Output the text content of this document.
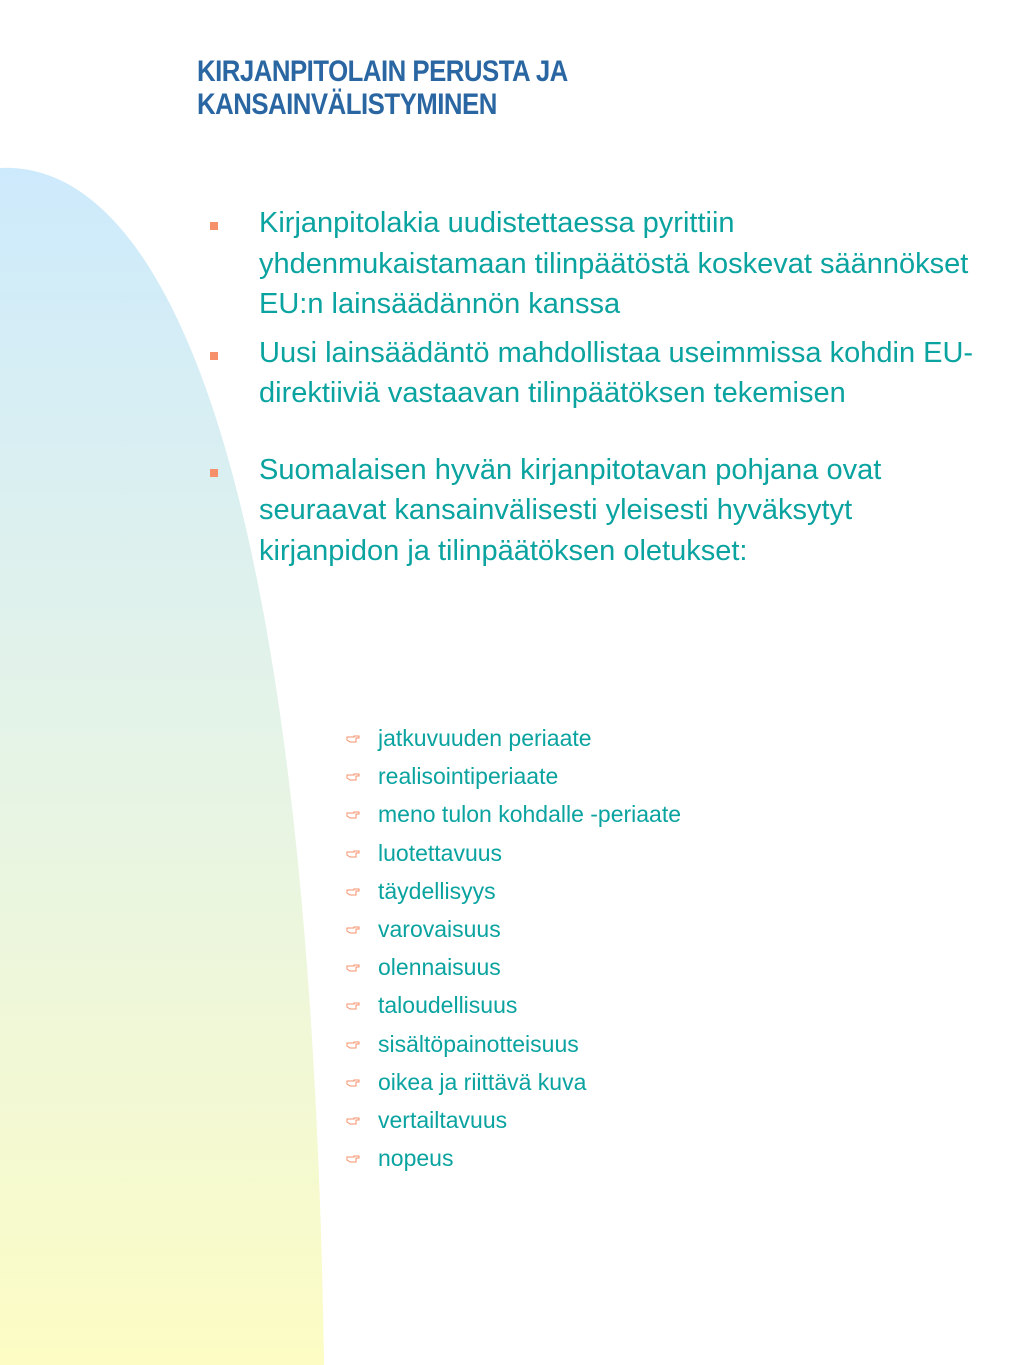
KIRJANPITOLAIN PERUSTA JA
KANSAINVÄLISTYMINEN
Kirjanpitolakia uudistettaessa pyrittiin yhdenmukaistamaan tilinpäätöstä koskevat säännökset EU:n lainsäädännön kanssa
Uusi lainsäädäntö mahdollistaa useimmissa kohdin EU-direktiiviä vastaavan tilinpäätöksen tekemisen
Suomalaisen hyvän kirjanpitotavan pohjana ovat seuraavat kansainvälisesti yleisesti hyväksytyt kirjanpidon ja tilinpäätöksen oletukset:
jatkuvuuden periaate
realisointiperiaate
meno tulon kohdalle -periaate
luotettavuus
täydellisyys
varovaisuus
olennaisuus
taloudellisuus
sisältöpainotteisuus
oikea ja riittävä kuva
vertailtavuus
nopeus
